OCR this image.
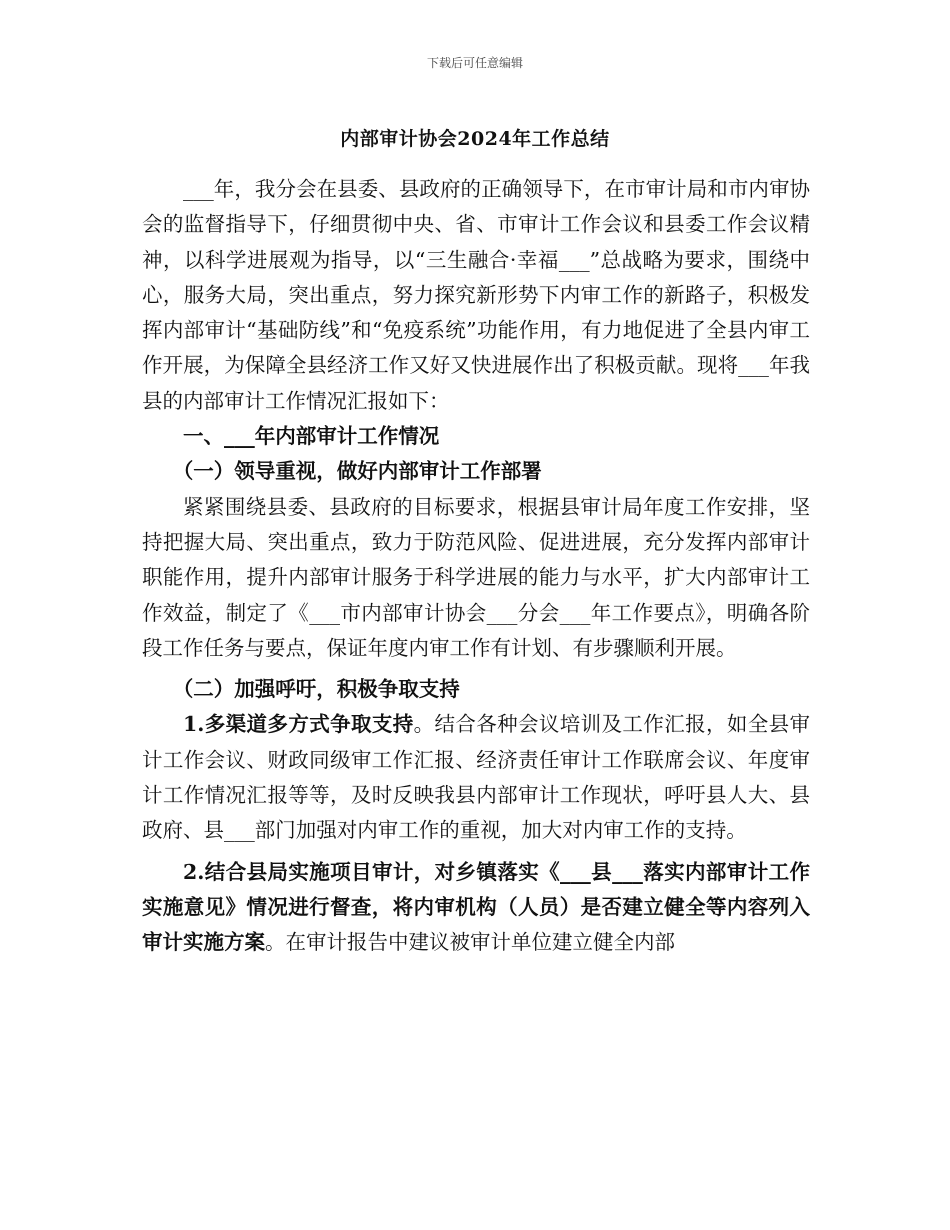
下载后可任意编辑
内部审计协会2024年工作总结

___年，我分会在县委、县政府的正确领导下，在市审计局和市内审协会的监督指导下，仔细贯彻中央、省、市审计工作会议和县委工作会议精神，以科学进展观为指导，以“三生融合·幸福___”总战略为要求，围绕中心，服务大局，突出重点，努力探究新形势下内审工作的新路子，积极发挥内部审计“基础防线”和“免疫系统”功能作用，有力地促进了全县内审工作开展，为保障全县经济工作又好又快进展作出了积极贡献。现将___年我县的内部审计工作情况汇报如下：

一、___年内部审计工作情况

（一）领导重视，做好内部审计工作部署

紧紧围绕县委、县政府的目标要求，根据县审计局年度工作安排，坚持把握大局、突出重点，致力于防范风险、促进进展，充分发挥内部审计职能作用，提升内部审计服务于科学进展的能力与水平，扩大内部审计工作效益，制定了《___市内部审计协会___分会___年工作要点》，明确各阶段工作任务与要点，保证年度内审工作有计划、有步骤顺利开展。

（二）加强呼吁，积极争取支持

1.多渠道多方式争取支持。结合各种会议培训及工作汇报，如全县审计工作会议、财政同级审工作汇报、经济责任审计工作联席会议、年度审计工作情况汇报等等，及时反映我县内部审计工作现状，呼吁县人大、县政府、县___部门加强对内审工作的重视，加大对内审工作的支持。

2.结合县局实施项目审计，对乡镇落实《___县___落实内部审计工作实施意见》情况进行督查，将内审机构（人员）是否建立健全等内容列入审计实施方案。在审计报告中建议被审计单位建立健全内部
